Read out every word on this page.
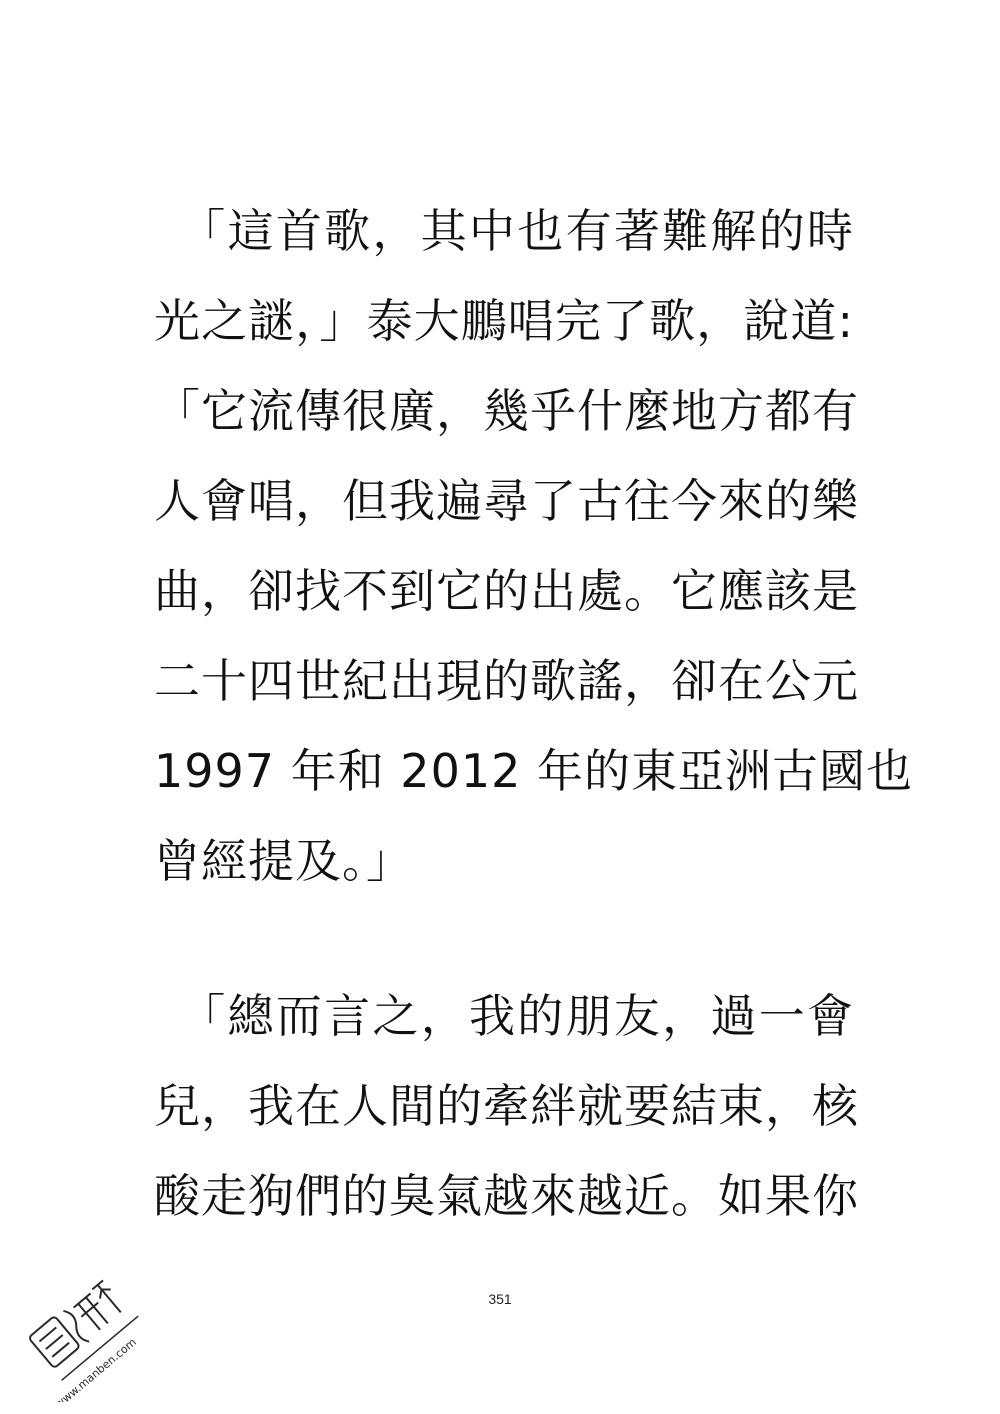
　「這首歌，其中也有著難解的時
光之謎，」泰大鵬唱完了歌，說道:
「它流傳很廣，幾乎什麼地方都有
人會唱，但我遍尋了古往今來的樂
曲，卻找不到它的出處。它應該是
二十四世紀出現的歌謠，卻在公元
1997 年和 2012 年的東亞洲古國也
曾經提及。」
　「總而言之，我的朋友，過一會
兒，我在人間的牽絆就要結束，核
酸走狗們的臭氣越來越近。如果你
351
www.manben.com
